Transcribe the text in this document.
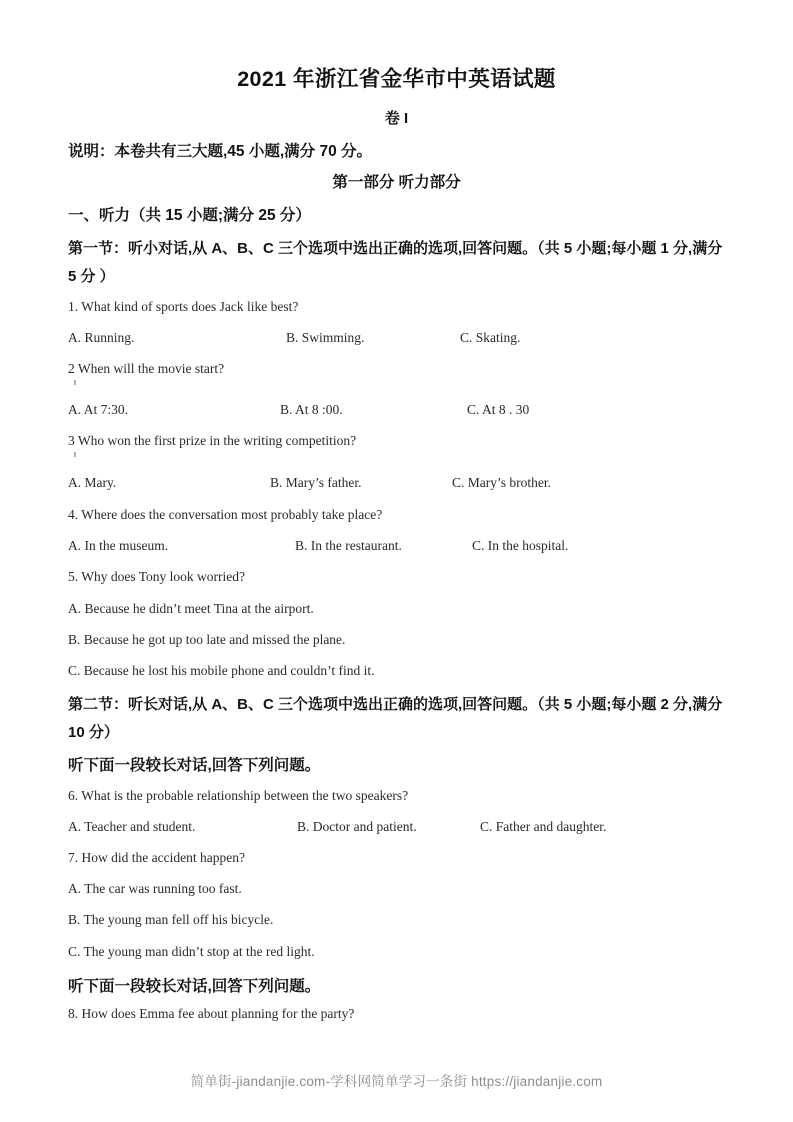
2021 年浙江省金华市中英语试题
卷 I
说明：本卷共有三大题,45 小题,满分 70 分。
第一部分 听力部分
一、听力（共 15 小题;满分 25 分）
第一节：听小对话,从 A、B、C 三个选项中选出正确的选项,回答问题。（共 5 小题;每小题 1 分,满分 5 分 ）
1. What kind of sports does Jack like best?
A. Running.	B. Swimming.	C. Skating.
2 When will the movie start?
A. At 7:30.	B. At 8 :00.	C. At 8 . 30
3 Who won the first prize in the writing competition?
A. Mary.	B. Mary’s father.	C. Mary’s brother.
4. Where does the conversation most probably take place?
A. In the museum.	B. In the restaurant.	C. In the hospital.
5. Why does Tony look worried?
A. Because he didn’t meet Tina at the airport.
B. Because he got up too late and missed the plane.
C. Because he lost his mobile phone and couldn’t find it.
第二节：听长对话,从 A、B、C 三个选项中选出正确的选项,回答问题。（共 5 小题;每小题 2 分,满分 10 分）
听下面一段较长对话,回答下列问题。
6. What is the probable relationship between the two speakers?
A. Teacher and student.	B. Doctor and patient.	C. Father and daughter.
7. How did the accident happen?
A. The car was running too fast.
B. The young man fell off his bicycle.
C. The young man didn’t stop at the red light.
听下面一段较长对话,回答下列问题。
8. How does Emma fee about planning for the party?
简单街-jiandanjie.com-学科网简单学习一条街 https://jiandanjie.com
